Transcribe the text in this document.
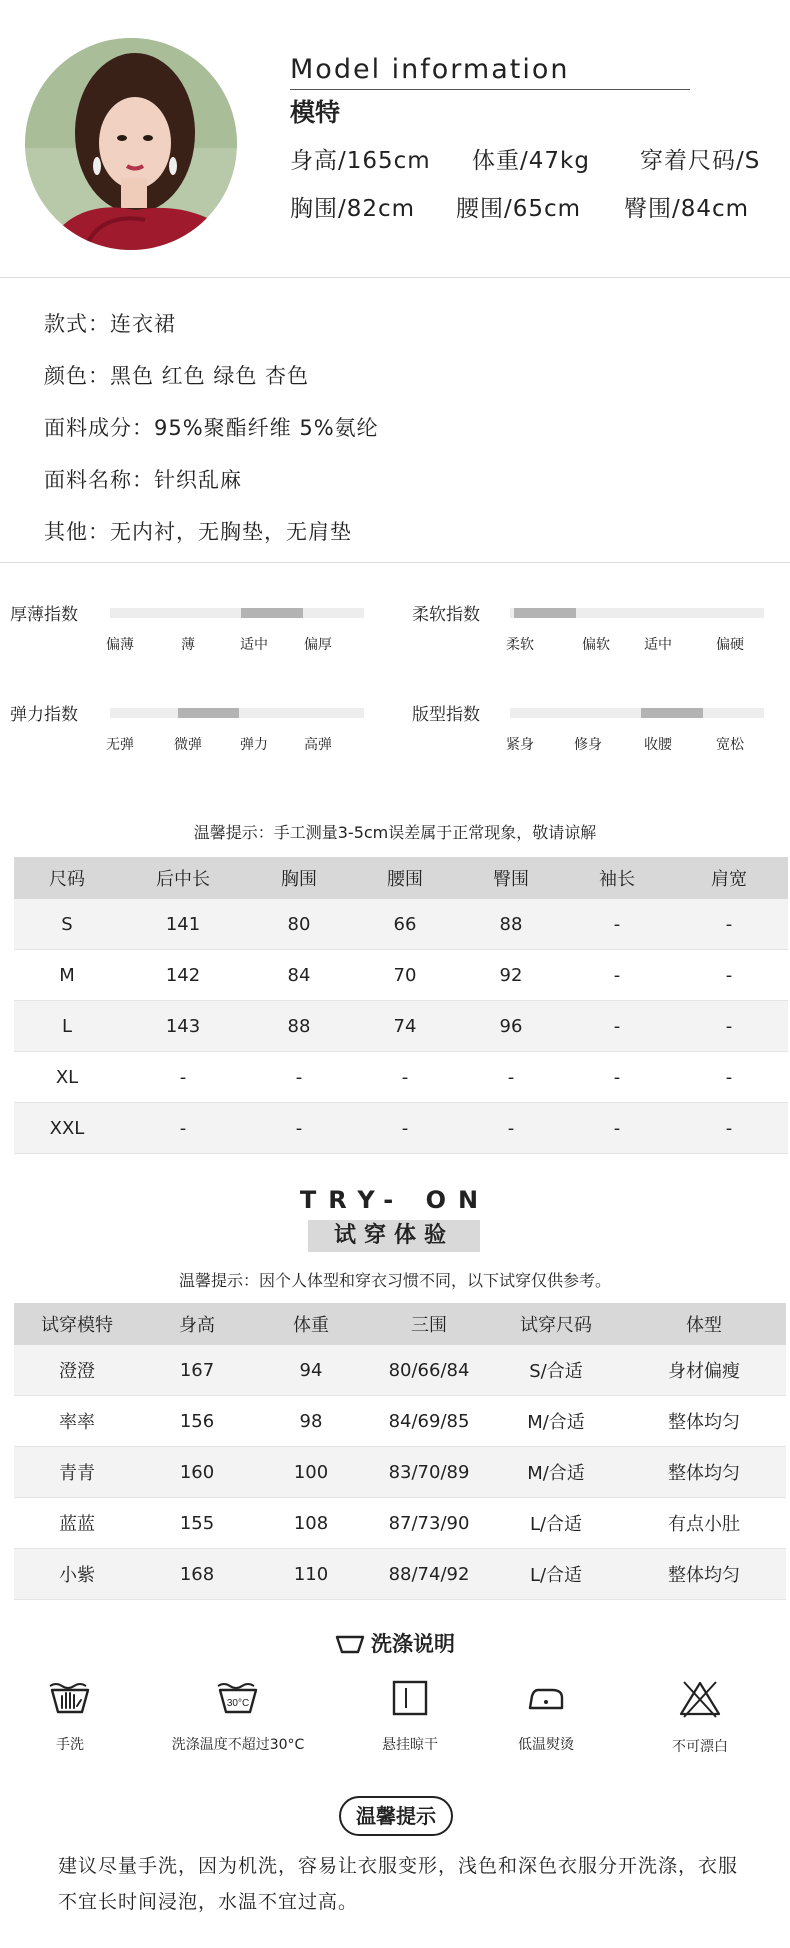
Model information
模特
身高/165cm 体重/47kg 穿着尺码/S
胸围/82cm 腰围/65cm 臀围/84cm
款式：连衣裙
颜色：黑色 红色 绿色 杏色
面料成分：95%聚酯纤维 5%氨纶
面料名称：针织乱麻
其他：无内衬，无胸垫，无肩垫
厚薄指数
偏薄	薄	适中	偏厚
柔软指数
柔软	偏软	适中	偏硬
弹力指数
无弹	微弹	弹力	高弹
版型指数
紧身	修身	收腰	宽松
温馨提示：手工测量3-5cm误差属于正常现象，敬请谅解
尺码	后中长	胸围	腰围	臀围	袖长	肩宽
S	141	80	66	88	-	-
M	142	84	70	92	-	-
L	143	88	74	96	-	-
XL	-	-	-	-	-	-
XXL	-	-	-	-	-	-
TRY- ON
试穿体验
温馨提示：因个人体型和穿衣习惯不同，以下试穿仅供参考。
试穿模特	身高	体重	三围	试穿尺码	体型
澄澄	167	94	80/66/84	S/合适	身材偏瘦
率率	156	98	84/69/85	M/合适	整体均匀
青青	160	100	83/70/89	M/合适	整体均匀
蓝蓝	155	108	87/73/90	L/合适	有点小肚
小紫	168	110	88/74/92	L/合适	整体均匀
洗涤说明
手洗
30°C
洗涤温度不超过30°C	悬挂晾干	低温熨烫	不可漂白
温馨提示
建议尽量手洗，因为机洗，容易让衣服变形，浅色和深色衣服分开洗涤，衣服不宜长时间浸泡，水温不宜过高。
